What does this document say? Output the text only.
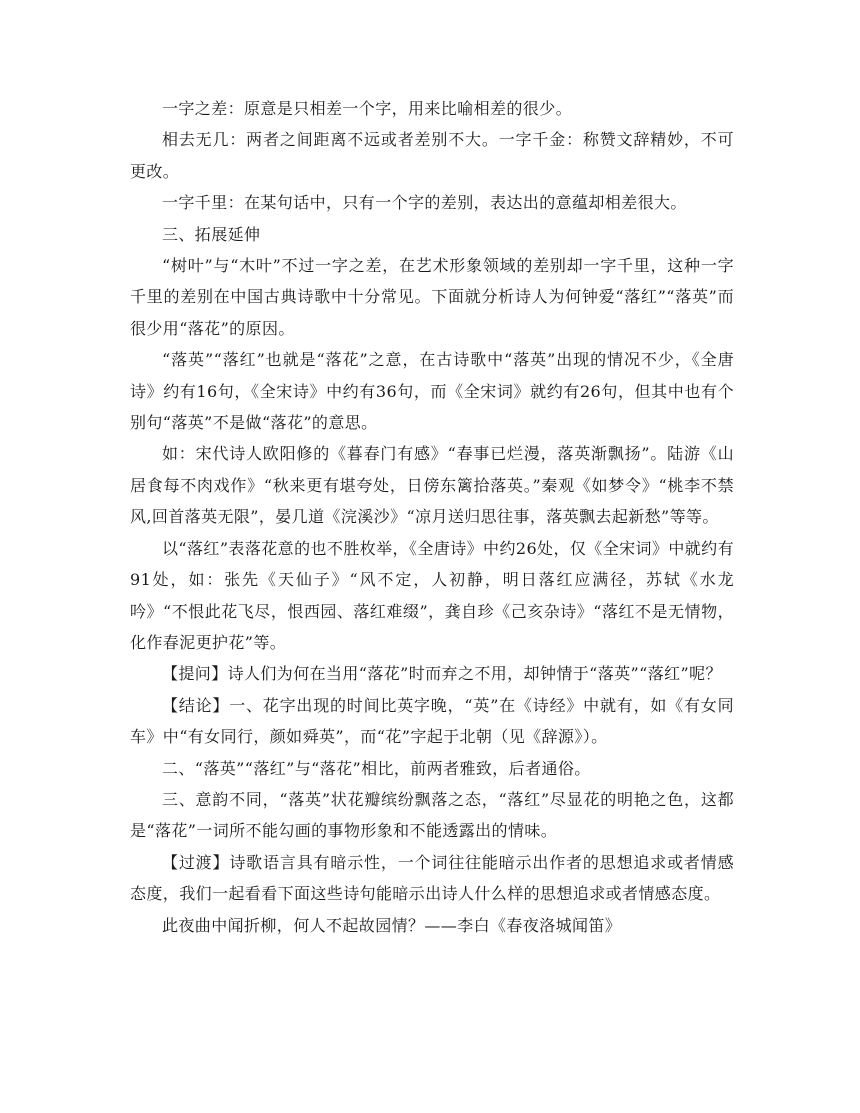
一字之差：原意是只相差一个字，用来比喻相差的很少。

相去无几：两者之间距离不远或者差别不大。一字千金：称赞文辞精妙，不可更改。

一字千里：在某句话中，只有一个字的差别，表达出的意蕴却相差很大。

三、拓展延伸

“树叶”与“木叶”不过一字之差，在艺术形象领域的差别却一字千里，这种一字千里的差别在中国古典诗歌中十分常见。下面就分析诗人为何钟爱“落红”“落英”而很少用“落花”的原因。

“落英”“落红”也就是“落花”之意，在古诗歌中“落英”出现的情况不少，《全唐诗》约有16句，《全宋诗》中约有36句，而《全宋词》就约有26句，但其中也有个别句“落英”不是做“落花”的意思。

如：宋代诗人欧阳修的《暮春门有感》“春事已烂漫，落英渐飘扬”。陆游《山居食每不肉戏作》“秋来更有堪夸处，日傍东篱拾落英。”秦观《如梦令》“桃李不禁风,回首落英无限”，晏几道《浣溪沙》“凉月送归思往事，落英飘去起新愁”等等。

以“落红”表落花意的也不胜枚举，《全唐诗》中约26处，仅《全宋词》中就约有91处，如：张先《天仙子》“风不定，人初静，明日落红应满径，苏轼《水龙吟》“不恨此花飞尽，恨西园、落红难缀”，龚自珍《己亥杂诗》“落红不是无情物，化作春泥更护花”等。

【提问】诗人们为何在当用“落花”时而弃之不用，却钟情于“落英”“落红”呢？

【结论】一、花字出现的时间比英字晚，“英”在《诗经》中就有，如《有女同车》中“有女同行，颜如舜英”，而“花”字起于北朝（见《辞源》）。

二、“落英”“落红”与“落花”相比，前两者雅致，后者通俗。

三、意韵不同，“落英”状花瓣缤纷飘落之态，“落红”尽显花的明艳之色，这都是“落花”一词所不能勾画的事物形象和不能透露出的情味。

【过渡】诗歌语言具有暗示性，一个词往往能暗示出作者的思想追求或者情感态度，我们一起看看下面这些诗句能暗示出诗人什么样的思想追求或者情感态度。

此夜曲中闻折柳，何人不起故园情？——李白《春夜洛城闻笛》
